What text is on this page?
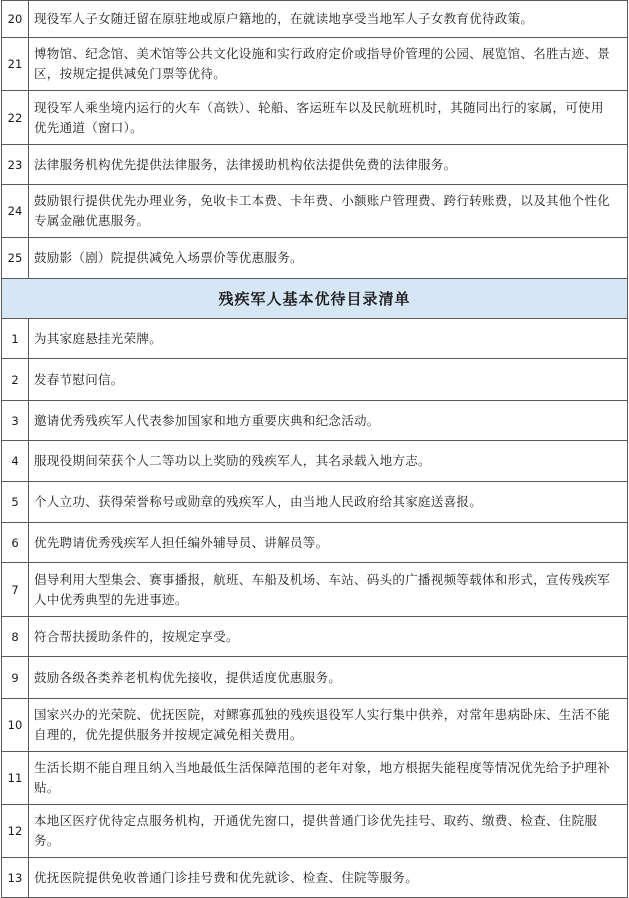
20	现役军人子女随迁留在原驻地或原户籍地的，在就读地享受当地军人子女教育优待政策。
21	博物馆、纪念馆、美术馆等公共文化设施和实行政府定价或指导价管理的公园、展览馆、名胜古迹、景区，按规定提供减免门票等优待。
22	现役军人乘坐境内运行的火车（高铁）、轮船、客运班车以及民航班机时，其随同出行的家属，可使用优先通道（窗口）。
23	法律服务机构优先提供法律服务，法律援助机构依法提供免费的法律服务。
24	鼓励银行提供优先办理业务，免收卡工本费、卡年费、小额账户管理费、跨行转账费，以及其他个性化专属金融优惠服务。
25	鼓励影（剧）院提供减免入场票价等优惠服务。
残疾军人基本优待目录清单	
1	为其家庭悬挂光荣牌。
2	发春节慰问信。
3	邀请优秀残疾军人代表参加国家和地方重要庆典和纪念活动。
4	服现役期间荣获个人二等功以上奖励的残疾军人，其名录载入地方志。
5	个人立功、获得荣誉称号或勋章的残疾军人，由当地人民政府给其家庭送喜报。
6	优先聘请优秀残疾军人担任编外辅导员、讲解员等。
7	倡导利用大型集会、赛事播报，航班、车船及机场、车站、码头的广播视频等载体和形式，宣传残疾军人中优秀典型的先进事迹。
8	符合帮扶援助条件的，按规定享受。
9	鼓励各级各类养老机构优先接收，提供适度优惠服务。
10	国家兴办的光荣院、优抚医院，对鳏寡孤独的残疾退役军人实行集中供养，对常年患病卧床、生活不能自理的，优先提供服务并按规定减免相关费用。
11	生活长期不能自理且纳入当地最低生活保障范围的老年对象，地方根据失能程度等情况优先给予护理补贴。
12	本地区医疗优待定点服务机构，开通优先窗口，提供普通门诊优先挂号、取药、缴费、检查、住院服务。
13	优抚医院提供免收普通门诊挂号费和优先就诊、检查、住院等服务。
